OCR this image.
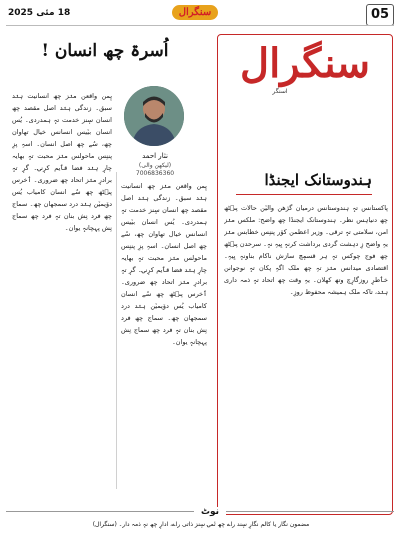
18 مئی 2025	سنگرال	05
اُسرۃ چھ انسان !
نثار احمد
(لیکھن والی)
7006836360
یٕمن واقعن منٛز چھ انسانیت ہنٛد سبق۔ زندگی ہنٛد اصل مقصد چھ انسان سٕنز خدمت تہٕ ہمدردی۔ یُس انسان بیٚیس انسانس خیال تھاوان چھ، سُے چھ اصل انسان۔ اسہِ پزِ پننِس ماحولس منٛز محبت تہٕ بھایہ چارٕ ہنٛد فضا قٲیم کرٕنۍ۔ گرٕ تہٕ برادرٕ منٛز اتحاد چھ ضروری۔ ٲخرس پٮ۪ٹھ چھ سُے انسان کامیاب یُس دوٚیمیٚن ہنٛد درد سمجھان چھ۔ سماج چھ فرد نِش بنان تہٕ فرد چھ سماج نِش پہچانہٕ یوان۔
یٕمن واقعن منٛز چھ انسانیت ہنٛد سبق۔ زندگی ہنٛد اصل مقصد چھ انسان سٕنز خدمت تہٕ ہمدردی۔ یُس انسان بیٚیس انسانس خیال تھاوان چھ، سُے چھ اصل انسان۔ اسہِ پزِ پننِس ماحولس منٛز محبت تہٕ بھایہ چارٕ ہنٛد فضا قٲیم کرٕنۍ۔ گرٕ تہٕ برادرٕ منٛز اتحاد چھ ضروری۔ ٲخرس پٮ۪ٹھ چھ سُے انسان کامیاب یُس دوٚیمیٚن ہنٛد درد سمجھان چھ۔ سماج چھ فرد نِش بنان تہٕ فرد چھ سماج نِش پہچانہٕ یوان۔
سنگرال
اسنگر
ہندوستانک ایجنڈا
پاکستانس تہٕ ہندوستانس درمیان گژھن والیٚن حالات پٮ۪ٹھ چھ دنیاہس نظر۔ ہندوستانک ایجنڈا چھ واضح: ملکس منٛز امن، سلامتی تہٕ ترقی۔ وزیر اعظمن کوٚر پننِس خطابس منٛز یہِ واضح زِ دہشت گردی برداشت کرنہٕ یِیہِ نہٕ۔ سرحدن پٮ۪ٹھ چھ فوج چوکس تہٕ ہر قسمٕچ سازش ناکام بناونہٕ یِیہِ۔ اقتصادی میدانس منٛز تہِ چھ ملک اگہِ پکان تہٕ نوجوانن خٲطرٕ روزگارٕچ وتھ کھلان۔ یہِ وقت چھ اتحاد تہٕ ذمہ داری ہنٛد، تاکہ ملک ہمیشہ محفوظ روزِ۔
نوٹ
مضمون نگار یا کالم نگارٕ سٕند راے چھ تٔمۍ سٕنز ذاتی راے، ادارٕ چھ نہٕ ذمہ دار۔ (سنگرال)
